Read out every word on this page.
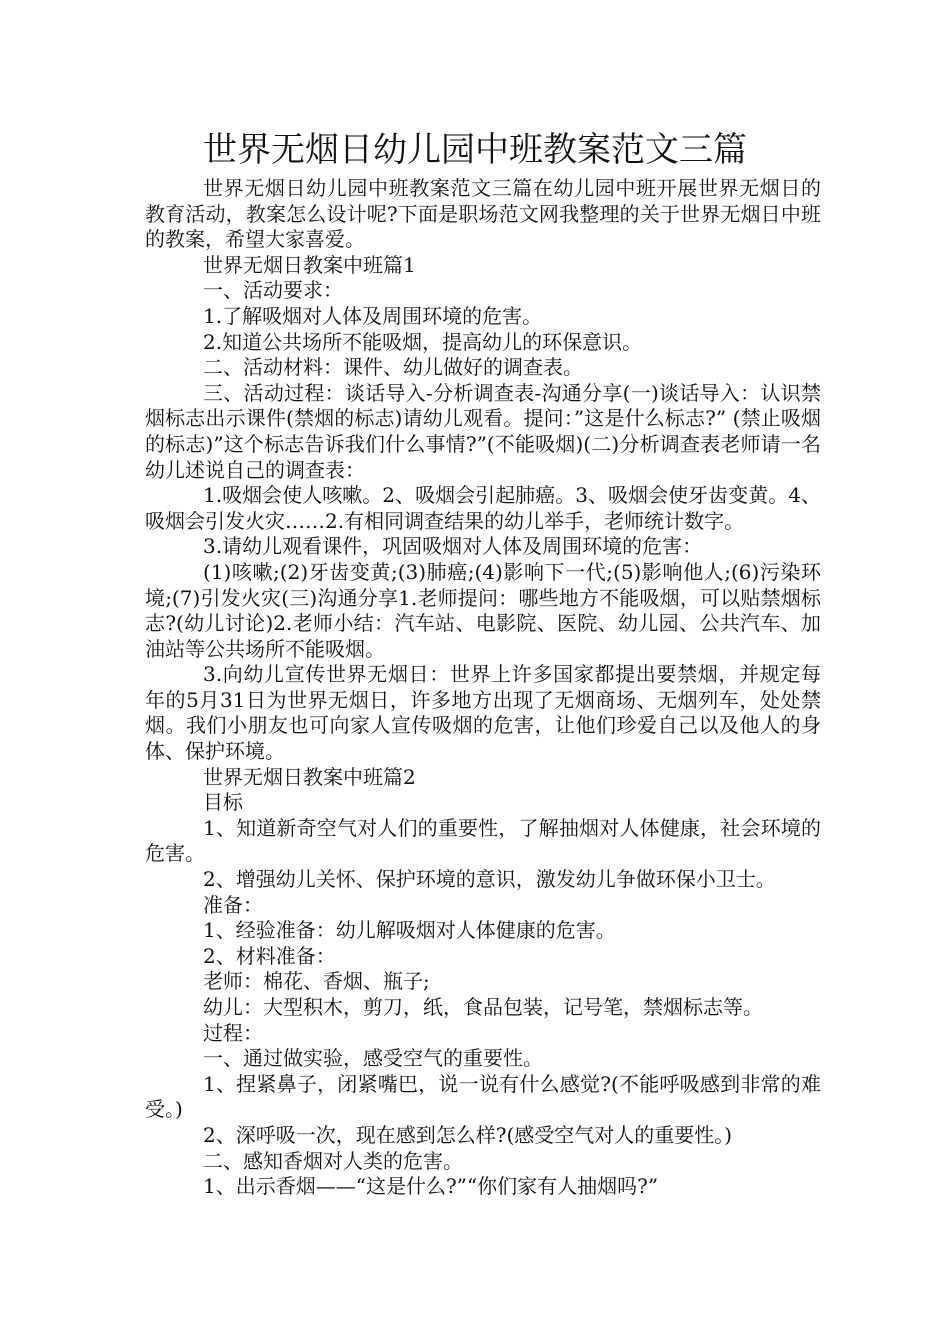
世界无烟日幼儿园中班教案范文三篇

世界无烟日幼儿园中班教案范文三篇在幼儿园中班开展世界无烟日的教育活动，教案怎么设计呢?下面是职场范文网我整理的关于世界无烟日中班的教案，希望大家喜爱。

世界无烟日教案中班篇1

一、活动要求：

1.了解吸烟对人体及周围环境的危害。

2.知道公共场所不能吸烟，提高幼儿的环保意识。

二、活动材料：课件、幼儿做好的调查表。

三、活动过程：谈话导入-分析调查表-沟通分享(一)谈话导入：认识禁烟标志出示课件(禁烟的标志)请幼儿观看。提问：”这是什么标志?” (禁止吸烟的标志)”这个标志告诉我们什么事情?”(不能吸烟)(二)分析调查表老师请一名幼儿述说自己的调查表：

1.吸烟会使人咳嗽。2、吸烟会引起肺癌。3、吸烟会使牙齿变黄。4、吸烟会引发火灾……2.有相同调查结果的幼儿举手，老师统计数字。

3.请幼儿观看课件，巩固吸烟对人体及周围环境的危害：

(1)咳嗽;(2)牙齿变黄;(3)肺癌;(4)影响下一代;(5)影响他人;(6)污染环境;(7)引发火灾(三)沟通分享1.老师提问：哪些地方不能吸烟，可以贴禁烟标志?(幼儿讨论)2.老师小结：汽车站、电影院、医院、幼儿园、公共汽车、加油站等公共场所不能吸烟。

3.向幼儿宣传世界无烟日：世界上许多国家都提出要禁烟，并规定每年的5月31日为世界无烟日，许多地方出现了无烟商场、无烟列车，处处禁烟。我们小朋友也可向家人宣传吸烟的危害，让他们珍爱自己以及他人的身体、保护环境。

世界无烟日教案中班篇2

目标

1、知道新奇空气对人们的重要性，了解抽烟对人体健康，社会环境的危害。

2、增强幼儿关怀、保护环境的意识，激发幼儿争做环保小卫士。

准备：

1、经验准备：幼儿解吸烟对人体健康的危害。

2、材料准备：

老师：棉花、香烟、瓶子;

幼儿：大型积木，剪刀，纸，食品包装，记号笔，禁烟标志等。

过程：

一、通过做实验，感受空气的重要性。

1、捏紧鼻子，闭紧嘴巴，说一说有什么感觉?(不能呼吸感到非常的难受。)

2、深呼吸一次，现在感到怎么样?(感受空气对人的重要性。)

二、感知香烟对人类的危害。

1、出示香烟——“这是什么?”“你们家有人抽烟吗?”
